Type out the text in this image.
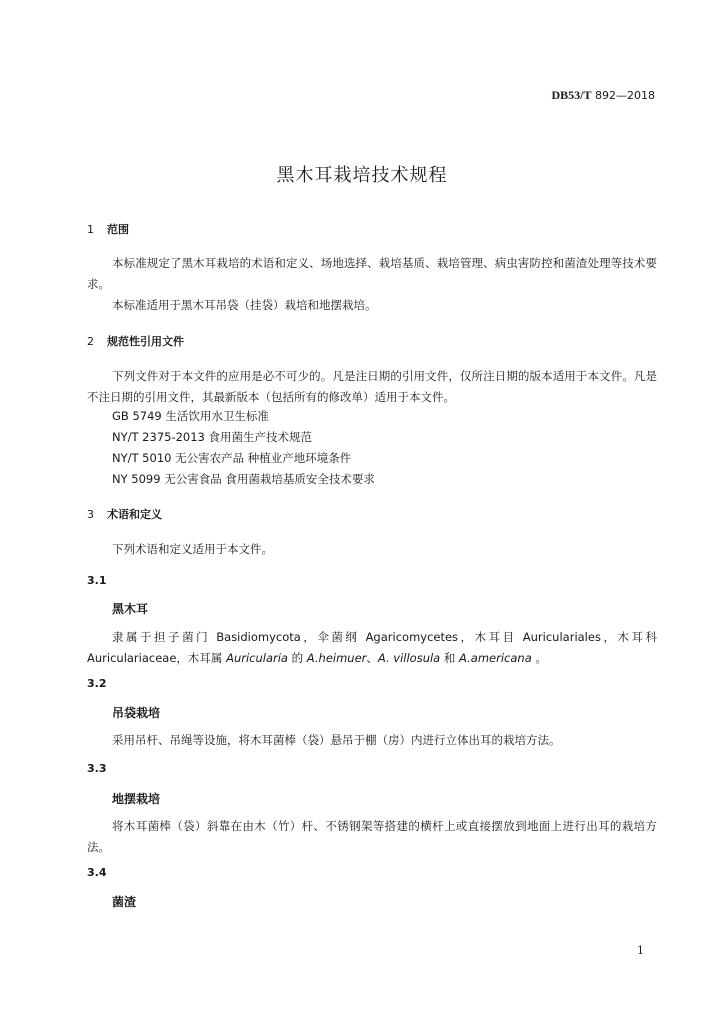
DB53/T 892—2018
黑木耳栽培技术规程
1 范围
本标准规定了黑木耳栽培的术语和定义、场地选择、栽培基质、栽培管理、病虫害防控和菌渣处理等技术要求。
本标准适用于黑木耳吊袋（挂袋）栽培和地摆栽培。
2 规范性引用文件
下列文件对于本文件的应用是必不可少的。凡是注日期的引用文件，仅所注日期的版本适用于本文件。凡是不注日期的引用文件，其最新版本（包括所有的修改单）适用于本文件。
GB 5749 生活饮用水卫生标准
NY/T 2375-2013 食用菌生产技术规范
NY/T 5010 无公害农产品 种植业产地环境条件
NY 5099 无公害食品 食用菌栽培基质安全技术要求
3 术语和定义
下列术语和定义适用于本文件。
3.1
黑木耳
隶属于担子菌门 Basidiomycota，伞菌纲 Agaricomycetes，木耳目 Auriculariales，木耳科 Auriculariaceae，木耳属 Auricularia 的 A.heimuer、A. villosula 和 A.americana 。
3.2
吊袋栽培
采用吊杆、吊绳等设施，将木耳菌棒（袋）悬吊于棚（房）内进行立体出耳的栽培方法。
3.3
地摆栽培
将木耳菌棒（袋）斜靠在由木（竹）杆、不锈钢架等搭建的横杆上或直接摆放到地面上进行出耳的栽培方法。
3.4
菌渣
1
